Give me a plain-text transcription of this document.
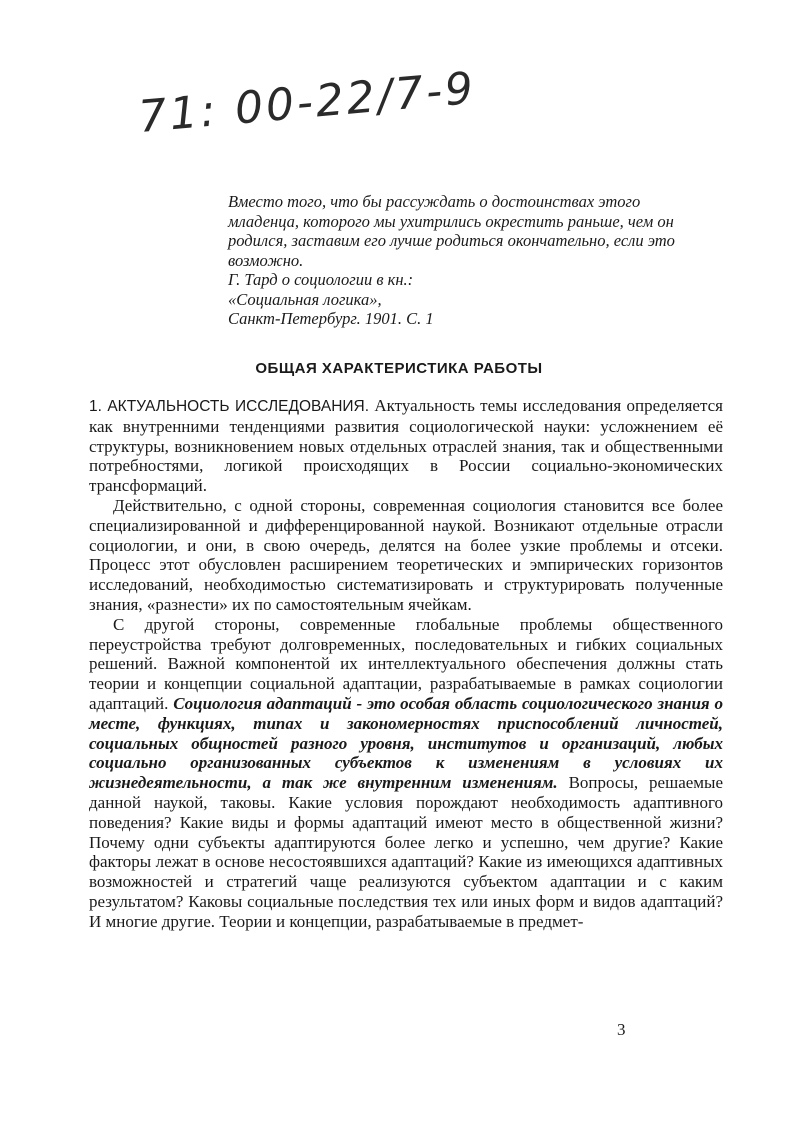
71: 00-22/7-9

Вместо того, что бы рассуждать о достоинствах этого младенца, которого мы ухитрились окрестить раньше, чем он родился, заставим его лучше родиться окончательно, если это возможно.

Г. Тард о социологии в кн.:

«Социальная логика»,

Санкт-Петербург. 1901. С. 1

ОБЩАЯ ХАРАКТЕРИСТИКА РАБОТЫ

1. АКТУАЛЬНОСТЬ ИССЛЕДОВАНИЯ. Актуальность темы исследования определяется как внутренними тенденциями развития социологической науки: усложнением её структуры, возникновением новых отдельных отраслей знания, так и общественными потребностями, логикой происходящих в России социально-экономических трансформаций.

Действительно, с одной стороны, современная социология становится все более специализированной и дифференцированной наукой. Возникают отдельные отрасли социологии, и они, в свою очередь, делятся на более узкие проблемы и отсеки. Процесс этот обусловлен расширением теоретических и эмпирических горизонтов исследований, необходимостью систематизировать и структурировать полученные знания, «разнести» их по самостоятельным ячейкам.

С другой стороны, современные глобальные проблемы общественного переустройства требуют долговременных, последовательных и гибких социальных решений. Важной компонентой их интеллектуального обеспечения должны стать теории и концепции социальной адаптации, разрабатываемые в рамках социологии адаптаций. Социология адаптаций - это особая область социологического знания о месте, функциях, типах и закономерностях приспособлений личностей, социальных общностей разного уровня, институтов и организаций, любых социально организованных субъектов к изменениям в условиях их жизнедеятельности, а так же внутренним изменениям. Вопросы, решаемые данной наукой, таковы. Какие условия порождают необходимость адаптивного поведения? Какие виды и формы адаптаций имеют место в общественной жизни? Почему одни субъекты адаптируются более легко и успешно, чем другие? Какие факторы лежат в основе несостоявшихся адаптаций? Какие из имеющихся адаптивных возможностей и стратегий чаще реализуются субъектом адаптации и с каким результатом? Каковы социальные последствия тех или иных форм и видов адаптаций? И многие другие. Теории и концепции, разрабатываемые в предмет-

3
